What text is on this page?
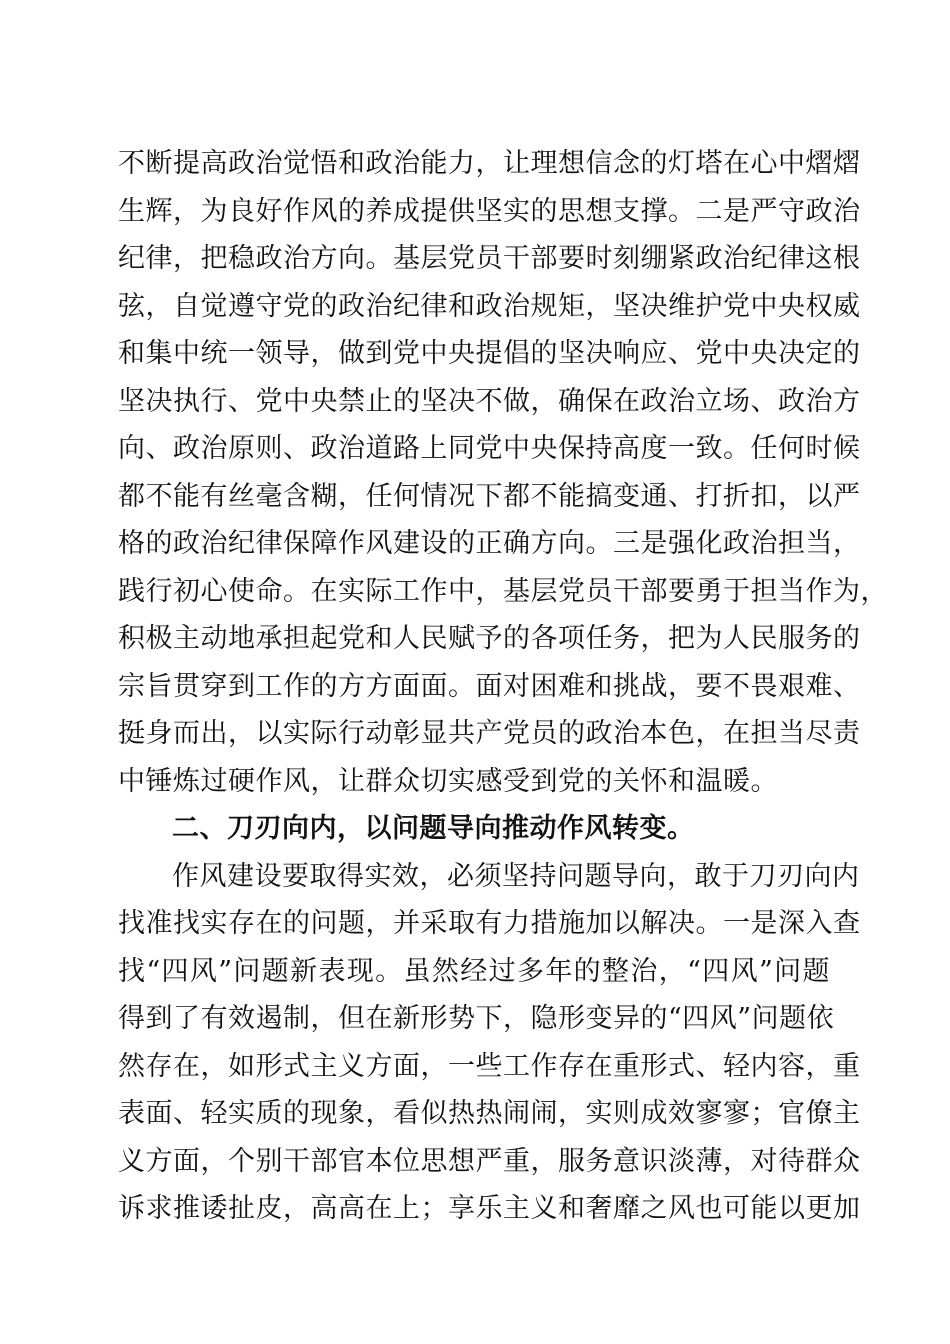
不断提高政治觉悟和政治能力，让理想信念的灯塔在心中熠熠
生辉，为良好作风的养成提供坚实的思想支撑。二是严守政治
纪律，把稳政治方向。基层党员干部要时刻绷紧政治纪律这根
弦，自觉遵守党的政治纪律和政治规矩，坚决维护党中央权威
和集中统一领导，做到党中央提倡的坚决响应、党中央决定的
坚决执行、党中央禁止的坚决不做，确保在政治立场、政治方
向、政治原则、政治道路上同党中央保持高度一致。任何时候
都不能有丝毫含糊，任何情况下都不能搞变通、打折扣，以严
格的政治纪律保障作风建设的正确方向。三是强化政治担当，
践行初心使命。在实际工作中，基层党员干部要勇于担当作为，
积极主动地承担起党和人民赋予的各项任务，把为人民服务的
宗旨贯穿到工作的方方面面。面对困难和挑战，要不畏艰难、
挺身而出，以实际行动彰显共产党员的政治本色，在担当尽责
中锤炼过硬作风，让群众切实感受到党的关怀和温暖。
二、刀刃向内，以问题导向推动作风转变。
作风建设要取得实效，必须坚持问题导向，敢于刀刃向内
找准找实存在的问题，并采取有力措施加以解决。一是深入查
找“四风”问题新表现。虽然经过多年的整治，“四风”问题
得到了有效遏制，但在新形势下，隐形变异的“四风”问题依
然存在，如形式主义方面，一些工作存在重形式、轻内容，重
表面、轻实质的现象，看似热热闹闹，实则成效寥寥；官僚主
义方面，个别干部官本位思想严重，服务意识淡薄，对待群众
诉求推诿扯皮，高高在上；享乐主义和奢靡之风也可能以更加
